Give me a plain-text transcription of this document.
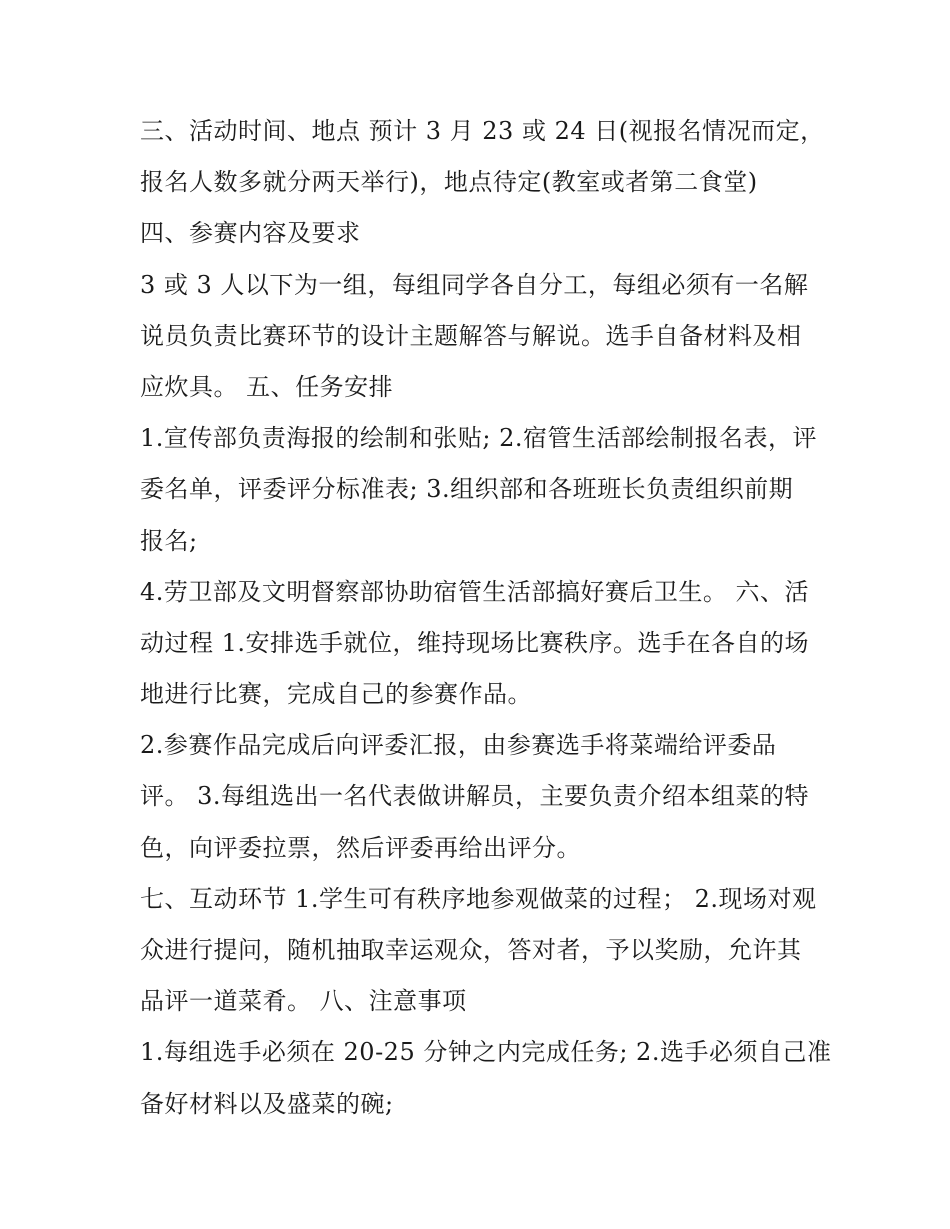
三、活动时间、地点 预计 3 月 23 或 24 日(视报名情况而定，
报名人数多就分两天举行)，地点待定(教室或者第二食堂)
四、参赛内容及要求
3 或 3 人以下为一组，每组同学各自分工，每组必须有一名解
说员负责比赛环节的设计主题解答与解说。选手自备材料及相
应炊具。 五、任务安排
1.宣传部负责海报的绘制和张贴; 2.宿管生活部绘制报名表，评
委名单，评委评分标准表; 3.组织部和各班班长负责组织前期
报名;
4.劳卫部及文明督察部协助宿管生活部搞好赛后卫生。 六、活
动过程 1.安排选手就位，维持现场比赛秩序。选手在各自的场
地进行比赛，完成自己的参赛作品。
2.参赛作品完成后向评委汇报，由参赛选手将菜端给评委品
评。 3.每组选出一名代表做讲解员，主要负责介绍本组菜的特
色，向评委拉票，然后评委再给出评分。
七、互动环节 1.学生可有秩序地参观做菜的过程； 2.现场对观
众进行提问，随机抽取幸运观众，答对者，予以奖励，允许其
品评一道菜肴。 八、注意事项
1.每组选手必须在 20-25 分钟之内完成任务; 2.选手必须自己准
备好材料以及盛菜的碗;
